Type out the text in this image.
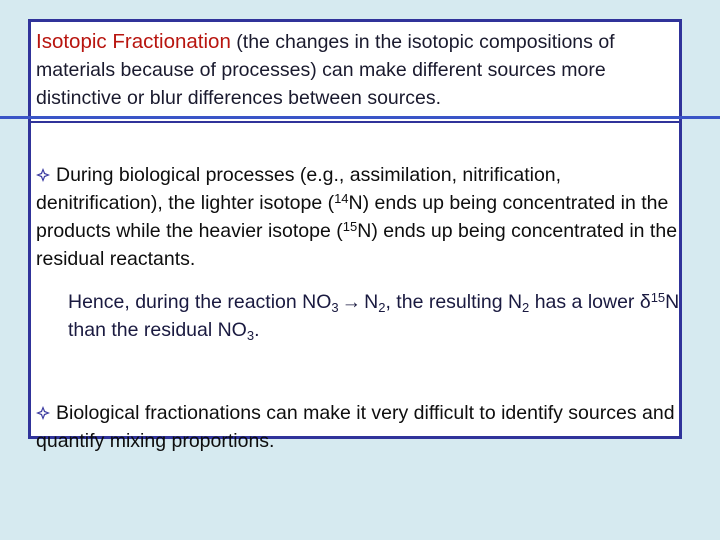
Isotopic Fractionation (the changes in the isotopic compositions of materials because of processes) can make different sources more distinctive or blur differences between sources.

During biological processes (e.g., assimilation, nitrification, denitrification), the lighter isotope ($^{14}$N) ends up being concentrated in the products while the heavier isotope ($^{15}$N) ends up being concentrated in the residual reactants.

Hence, during the reaction $NO_3 \to N_2$, the resulting $N_2$ has a lower $\delta^{15}N$ than the residual $NO_3$.

Biological fractionations can make it very difficult to identify sources and quantify mixing proportions.
